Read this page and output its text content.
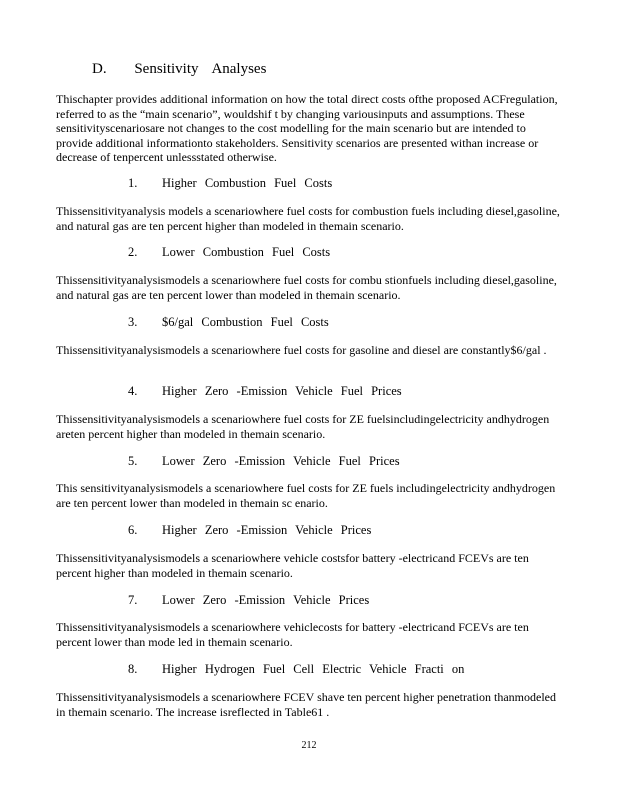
D. Sensitivity Analyses

Thischapter provides additional information on how the total direct costs ofthe proposed ACFregulation, referred to as the “main scenario”, wouldshif t by changing variousinputs and assumptions. These sensitivityscenariosare not changes to the cost modelling for the main scenario but are intended to provide additional informationto stakeholders. Sensitivity scenarios are presented withan increase or decrease of tenpercent unlessstated otherwise.

1. Higher Combustion Fuel Costs

Thissensitivityanalysis models a scenariowhere fuel costs for combustion fuels including diesel,gasoline, and natural gas are ten percent higher than modeled in themain scenario.

2. Lower Combustion Fuel Costs

Thissensitivityanalysismodels a scenariowhere fuel costs for combu stionfuels including diesel,gasoline, and natural gas are ten percent lower than modeled in themain scenario.

3. $6/gal Combustion Fuel Costs

Thissensitivityanalysismodels a scenariowhere fuel costs for gasoline and diesel are constantly$6/gal .

4. Higher Zero -Emission Vehicle Fuel Prices

Thissensitivityanalysismodels a scenariowhere fuel costs for ZE fuelsincludingelectricity andhydrogen areten percent higher than modeled in themain scenario.

5. Lower Zero -Emission Vehicle Fuel Prices

This sensitivityanalysismodels a scenariowhere fuel costs for ZE fuels includingelectricity andhydrogen are ten percent lower than modeled in themain sc enario.

6. Higher Zero -Emission Vehicle Prices

Thissensitivityanalysismodels a scenariowhere vehicle costsfor battery -electricand FCEVs are ten percent higher than modeled in themain scenario.

7. Lower Zero -Emission Vehicle Prices

Thissensitivityanalysismodels a scenariowhere vehiclecosts for battery -electricand FCEVs are ten percent lower than mode led in themain scenario.

8. Higher Hydrogen Fuel Cell Electric Vehicle Fracti on

Thissensitivityanalysismodels a scenariowhere FCEV shave ten percent higher penetration thanmodeled in themain scenario. The increase isreflected in Table61 .

212
